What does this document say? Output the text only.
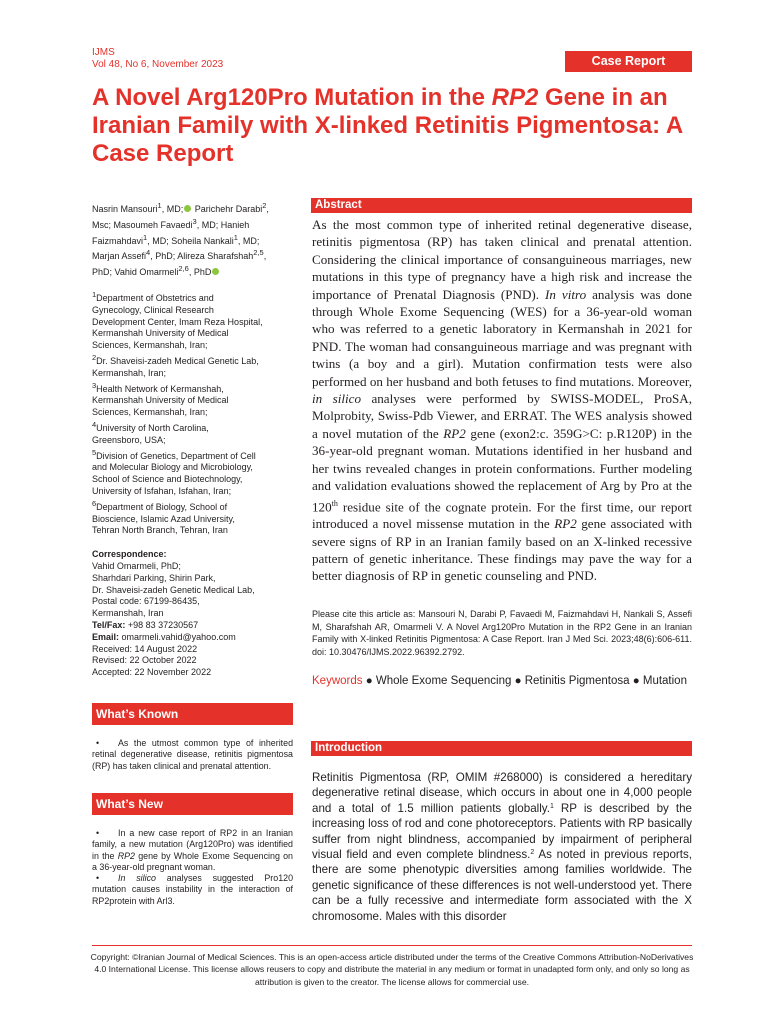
IJMS
Vol 48, No 6, November 2023	Case Report
A Novel Arg120Pro Mutation in the RP2 Gene in an Iranian Family with X-linked Retinitis Pigmentosa: A Case Report
Nasrin Mansouri$^1$, MD; Parichehr Darabi$^2$,
Msc; Masoumeh Favaedi$^3$, MD; Hanieh
Faizmahdavi$^1$, MD; Soheila Nankali$^1$, MD;
Marjan Assefi$^4$, PhD; Alireza Sharafshah$^{2,5}$,
PhD; Vahid Omarmeli$^{2,6}$, PhD
$^1$Department of Obstetrics and
Gynecology, Clinical Research
Development Center, Imam Reza Hospital,
Kermanshah University of Medical
Sciences, Kermanshah, Iran;
$^2$Dr. Shaveisi-zadeh Medical Genetic Lab,
Kermanshah, Iran;
$^3$Health Network of Kermanshah,
Kermanshah University of Medical
Sciences, Kermanshah, Iran;
$^4$University of North Carolina,
Greensboro, USA;
$^5$Division of Genetics, Department of Cell
and Molecular Biology and Microbiology,
School of Science and Biotechnology,
University of Isfahan, Isfahan, Iran;
$^6$Department of Biology, School of
Bioscience, Islamic Azad University,
Tehran North Branch, Tehran, Iran
Correspondence:
Vahid Omarmeli, PhD;
Sharhdari Parking, Shirin Park,
Dr. Shaveisi-zadeh Genetic Medical Lab,
Postal code: 67199-86435,
Kermanshah, Iran
Tel/Fax: +98 83 37230567
Email: omarmeli.vahid@yahoo.com
Received: 14 August 2022
Revised: 22 October 2022
Accepted: 22 November 2022
Abstract
As the most common type of inherited retinal degenerative disease, retinitis pigmentosa (RP) has taken clinical and prenatal attention. Considering the clinical importance of consanguineous marriages, new mutations in this type of pregnancy have a high risk and increase the importance of Prenatal Diagnosis (PND). In vitro analysis was done through Whole Exome Sequencing (WES) for a 36-year-old woman who was referred to a genetic laboratory in Kermanshah in 2021 for PND. The woman had consanguineous marriage and was pregnant with twins (a boy and a girl). Mutation confirmation tests were also performed on her husband and both fetuses to find mutations. Moreover, in silico analyses were performed by SWISS-MODEL, ProSA, Molprobity, Swiss-Pdb Viewer, and ERRAT. The WES analysis showed a novel mutation of the RP2 gene (exon2:c. 359G>C: p.R120P) in the 36-year-old pregnant woman. Mutations identified in her husband and her twins revealed changes in protein conformations. Further modeling and validation evaluations showed the replacement of Arg by Pro at the 120th residue site of the cognate protein. For the first time, our report introduced a novel missense mutation in the RP2 gene associated with severe signs of RP in an Iranian family based on an X-linked recessive pattern of genetic inheritance. These findings may pave the way for a better diagnosis of RP in genetic counseling and PND.
Please cite this article as: Mansouri N, Darabi P, Favaedi M, Faizmahdavi H, Nankali S, Assefi M, Sharafshah AR, Omarmeli V. A Novel Arg120Pro Mutation in the RP2 Gene in an Iranian Family with X-linked Retinitis Pigmentosa: A Case Report. Iran J Med Sci. 2023;48(6):606-611. doi: 10.30476/IJMS.2022.96392.2792.
Keywords ● Whole Exome Sequencing ● Retinitis Pigmentosa ● Mutation
What’s Known

• As the utmost common type of inherited retinal degenerative disease, retinitis pigmentosa (RP) has taken clinical and prenatal attention.

What’s New

• In a new case report of RP2 in an Iranian family, a new mutation (Arg120Pro) was identified in the RP2 gene by Whole Exome Sequencing on a 36-year-old pregnant woman.

• In silico analyses suggested Pro120 mutation causes instability in the interaction of RP2protein with Arl3.

Introduction
Retinitis Pigmentosa (RP, OMIM #268000) is considered a hereditary degenerative retinal disease, which occurs in about one in 4,000 people and a total of 1.5 million patients globally.$^1$ RP is described by the increasing loss of rod and cone photoreceptors. Patients with RP basically suffer from night blindness, accompanied by impairment of peripheral visual field and even complete blindness.$^2$ As noted in previous reports, there are some phenotypic diversities among families worldwide. The genetic significance of these differences is not well-understood yet. There can be a fully recessive and intermediate form associated with the X chromosome. Males with this disorder
Copyright: ©Iranian Journal of Medical Sciences. This is an open-access article distributed under the terms of the Creative Commons Attribution-NoDerivatives 4.0 International License. This license allows reusers to copy and distribute the material in any medium or format in unadapted form only, and only so long as attribution is given to the creator. The license allows for commercial use.
